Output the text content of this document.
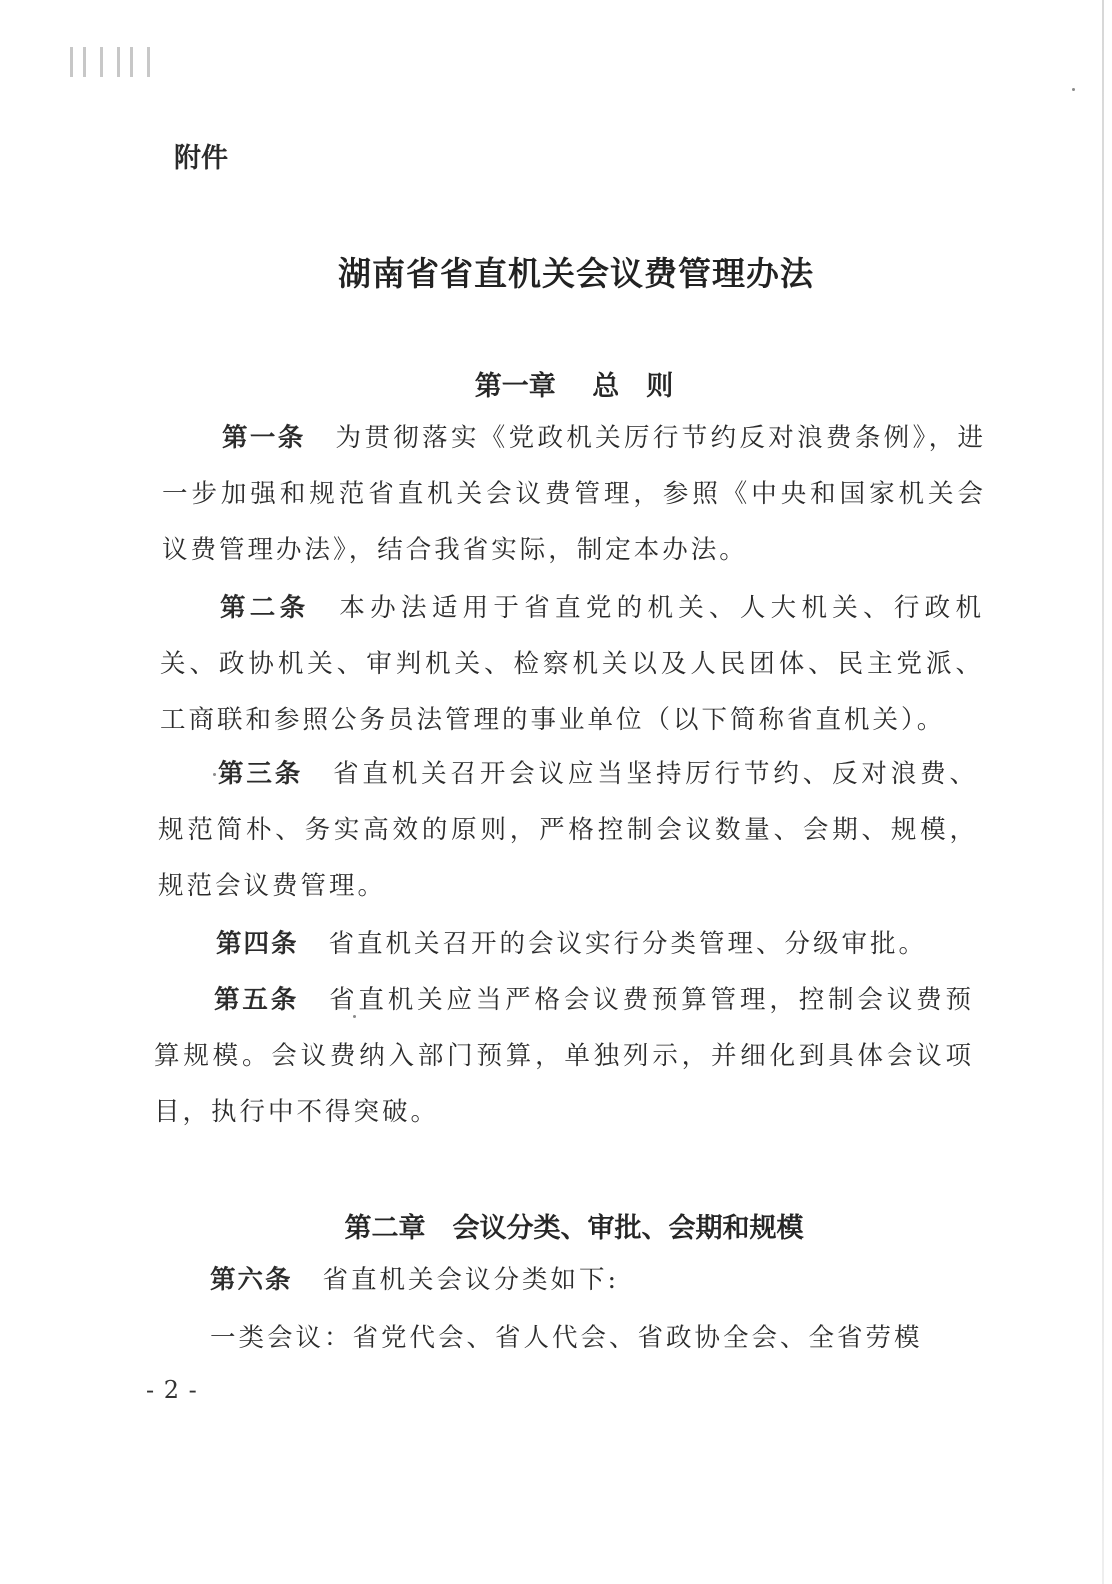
附件
湖南省省直机关会议费管理办法
第一章　 总　则

第一条 为贯彻落实《党政机关厉行节约反对浪费条例》，进一步加强和规范省直机关会议费管理，参照《中央和国家机关会议费管理办法》，结合我省实际，制定本办法。

第二条 本办法适用于省直党的机关、人大机关、行政机关、政协机关、审判机关、检察机关以及人民团体、民主党派、工商联和参照公务员法管理的事业单位（以下简称省直机关）。

第三条 省直机关召开会议应当坚持厉行节约、反对浪费、规范简朴、务实高效的原则，严格控制会议数量、会期、规模，规范会议费管理。

第四条 省直机关召开的会议实行分类管理、分级审批。

第五条 省直机关应当严格会议费预算管理，控制会议费预算规模。会议费纳入部门预算，单独列示，并细化到具体会议项目，执行中不得突破。

第二章　会议分类、审批、会期和规模

第六条 省直机关会议分类如下:

一类会议：省党代会、省人代会、省政协全会、全省劳模

- 2 -
